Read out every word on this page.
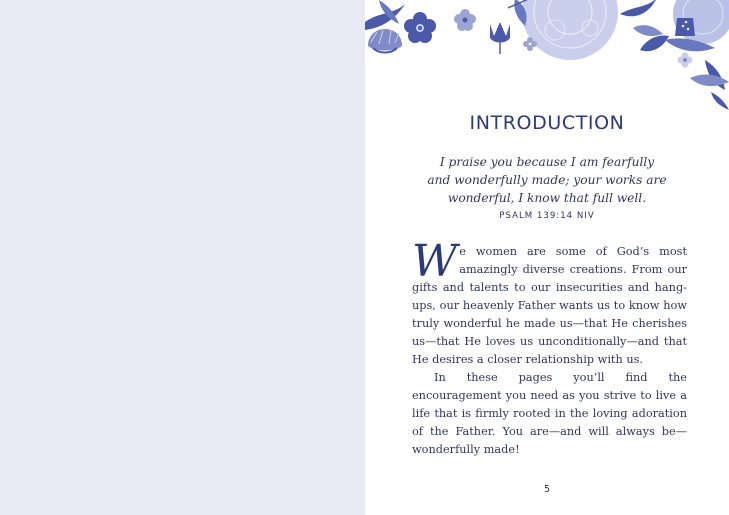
INTRODUCTION
I praise you because I am fearfully
and wonderfully made; your works are
wonderful, I know that full well.
PSALM 139:14 NIV

We women are some of God’s most amazingly diverse creations. From our gifts and talents to our insecurities and hang-ups, our heavenly Father wants us to know how truly wonderful he made us—that He cherishes us—that He loves us unconditionally—and that He desires a closer relationship with us.

In these pages you’ll find the encouragement you need as you strive to live a life that is firmly rooted in the loving adoration of the Father. You are—and will always be—wonderfully made!

5
